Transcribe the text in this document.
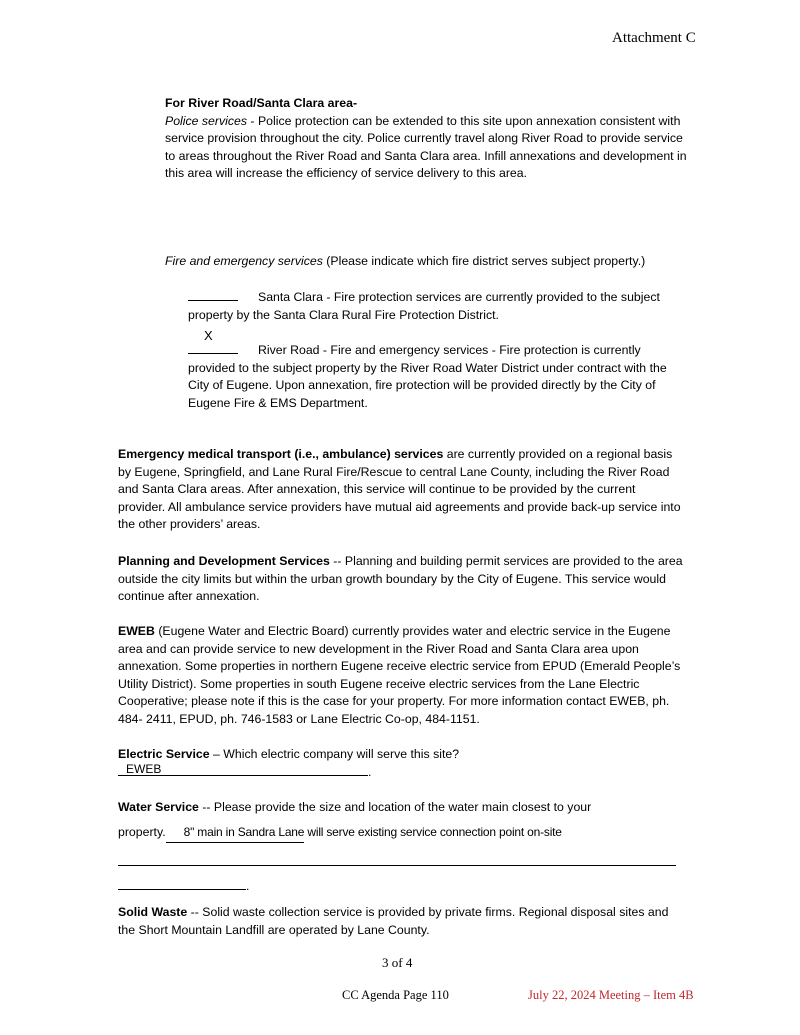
Attachment C
For River Road/Santa Clara area-
Police services - Police protection can be extended to this site upon annexation consistent with service provision throughout the city. Police currently travel along River Road to provide service to areas throughout the River Road and Santa Clara area. Infill annexations and development in this area will increase the efficiency of service delivery to this area.
Fire and emergency services (Please indicate which fire district serves subject property.)
Santa Clara - Fire protection services are currently provided to the subject property by the Santa Clara Rural Fire Protection District.
X
River Road - Fire and emergency services - Fire protection is currently provided to the subject property by the River Road Water District under contract with the City of Eugene. Upon annexation, fire protection will be provided directly by the City of Eugene Fire & EMS Department.
Emergency medical transport (i.e., ambulance) services are currently provided on a regional basis by Eugene, Springfield, and Lane Rural Fire/Rescue to central Lane County, including the River Road and Santa Clara areas. After annexation, this service will continue to be provided by the current provider. All ambulance service providers have mutual aid agreements and provide back-up service into the other providers’ areas.
Planning and Development Services -- Planning and building permit services are provided to the area outside the city limits but within the urban growth boundary by the City of Eugene. This service would continue after annexation.
EWEB (Eugene Water and Electric Board) currently provides water and electric service in the Eugene area and can provide service to new development in the River Road and Santa Clara area upon annexation. Some properties in northern Eugene receive electric service from EPUD (Emerald People’s Utility District). Some properties in south Eugene receive electric services from the Lane Electric Cooperative; please note if this is the case for your property. For more information contact EWEB, ph. 484- 2411, EPUD, ph. 746-1583 or Lane Electric Co-op, 484-1151.
Electric Service – Which electric company will serve this site?
EWEB	.
Water Service -- Please provide the size and location of the water main closest to your
property. 8" main in Sandra Lane will serve existing service connection point on-site
.
Solid Waste -- Solid waste collection service is provided by private firms. Regional disposal sites and the Short Mountain Landfill are operated by Lane County.
3 of 4
CC Agenda Page 110	July 22, 2024 Meeting – Item 4B
